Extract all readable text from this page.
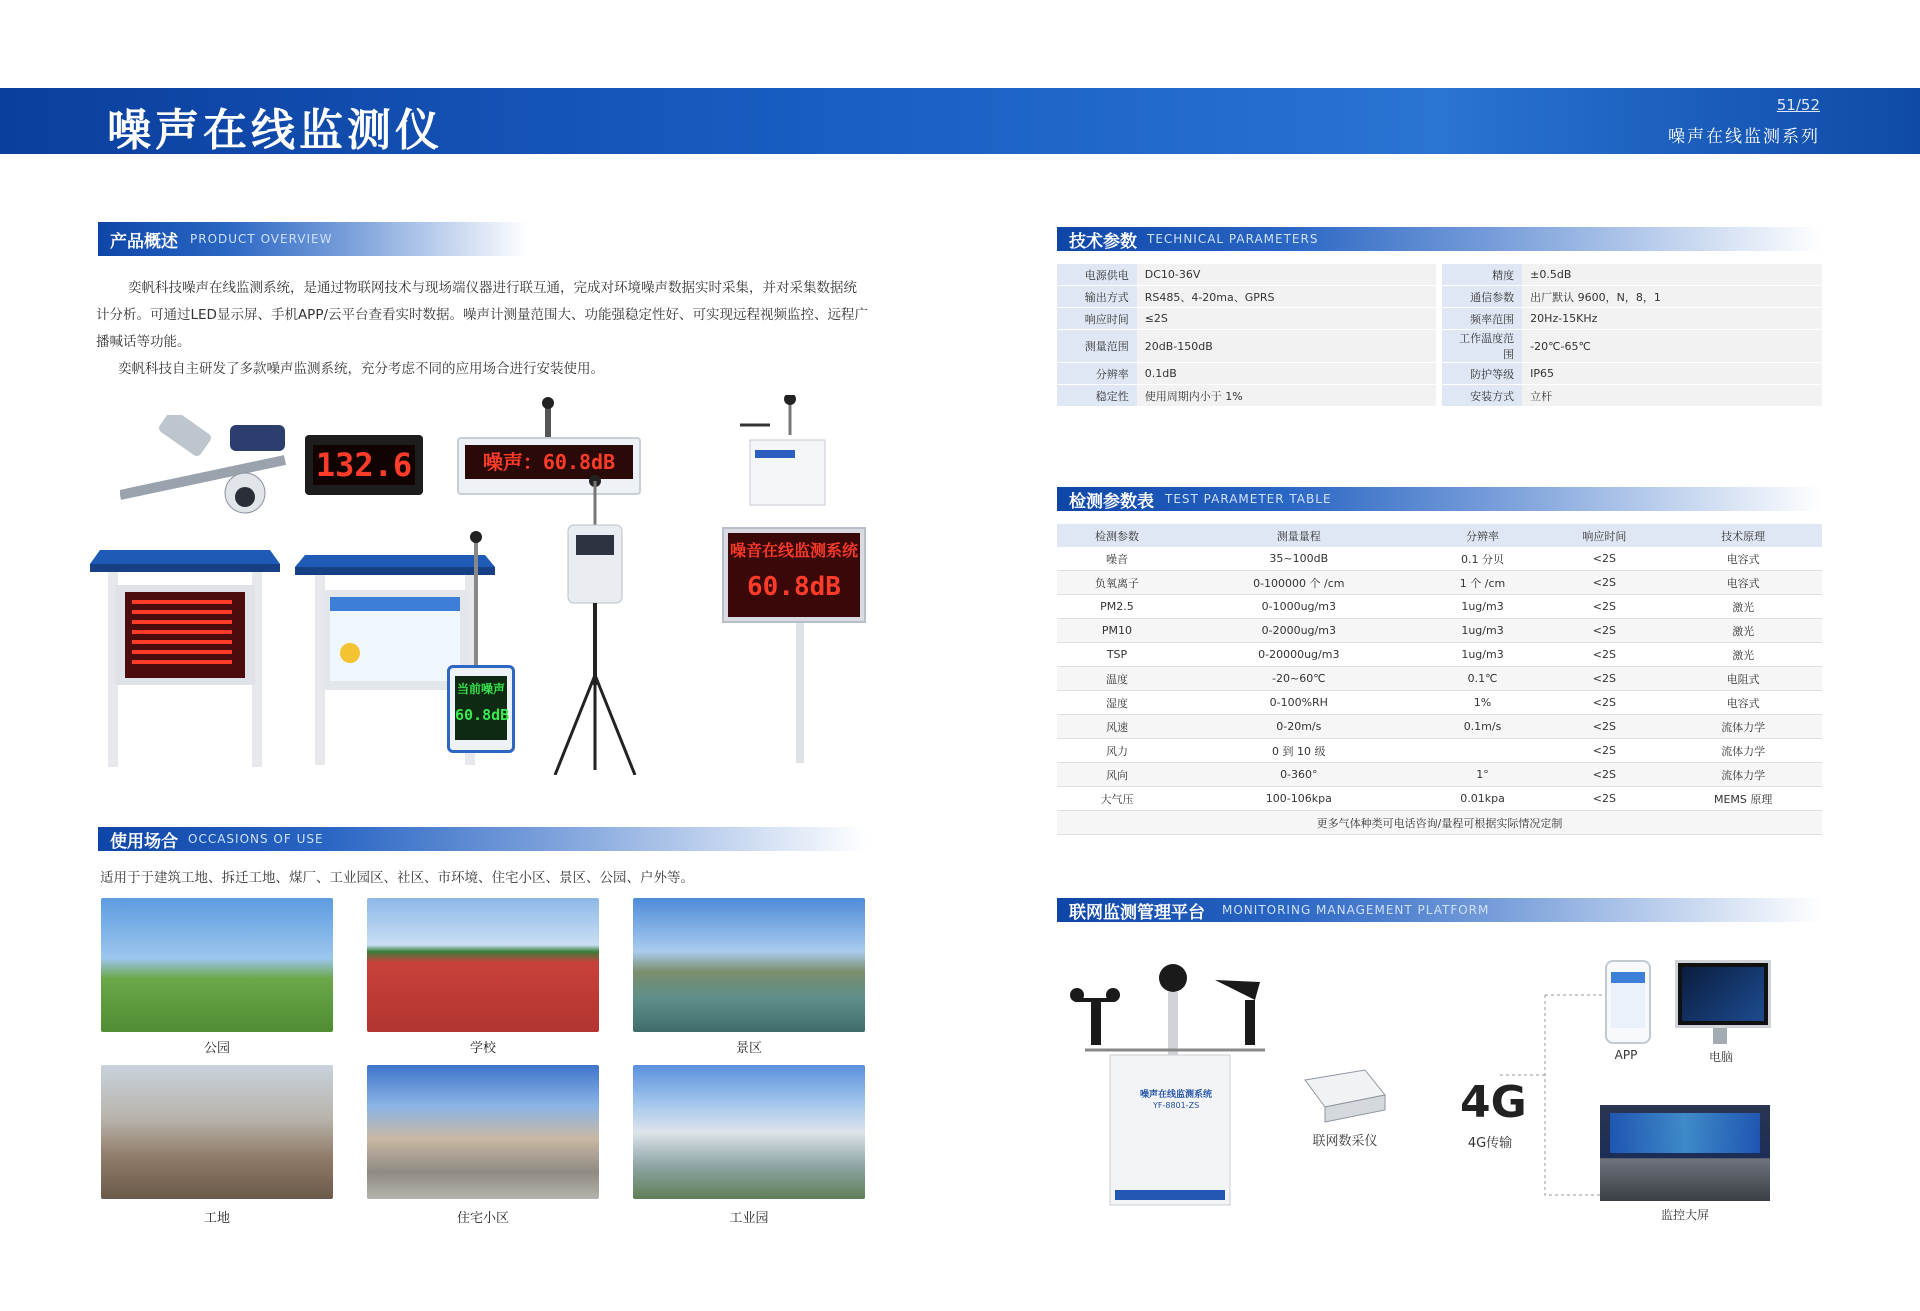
噪声在线监测仪	51/52
噪声在线监测系列
产品概述 PRODUCT OVERVIEW

奕帆科技噪声在线监测系统，是通过物联网技术与现场端仪器进行联互通，完成对环境噪声数据实时采集，并对采集数据统计分析。可通过LED显示屏、手机APP/云平台查看实时数据。噪声计测量范围大、功能强稳定性好、可实现远程视频监控、远程广播喊话等功能。

奕帆科技自主研发了多款噪声监测系统，充分考虑不同的应用场合进行安装使用。

132.6	噪声：60.8dB
当前噪声
60.8dB
噪音在线监测系统
60.8dB
使用场合 OCCASIONS OF USE
适用于于建筑工地、拆迁工地、煤厂、工业园区、社区、市环境、住宅小区、景区、公园、户外等。
公园	学校	景区
工地	住宅小区	工业园
技术参数 TECHNICAL PARAMETERS
电源供电	DC10-36V	精度	±0.5dB
输出方式	RS485、4-20ma、GPRS	通信参数	出厂默认 9600，N，8，1
响应时间	≤2S	频率范围	20Hz-15KHz
测量范围	20dB-150dB	工作温度范围	-20℃-65℃
分辨率	0.1dB	防护等级	IP65
稳定性	使用周期内小于 1%	安装方式	立杆
检测参数表 TEST PARAMETER TABLE
检测参数	测量量程	分辨率	响应时间	技术原理
噪音	35~100dB	0.1 分贝	<2S	电容式
负氧离子	0-100000 个 /cm	1 个 /cm	<2S	电容式
PM2.5	0-1000ug/m3	1ug/m3	<2S	激光
PM10	0-2000ug/m3	1ug/m3	<2S	激光
TSP	0-20000ug/m3	1ug/m3	<2S	激光
温度	-20~60℃	0.1℃	<2S	电阻式
湿度	0-100%RH	1%	<2S	电容式
风速	0-20m/s	0.1m/s	<2S	流体力学
风力	0 到 10 级		<2S	流体力学
风向	0-360°	1°	<2S	流体力学
大气压	100-106kpa	0.01kpa	<2S	MEMS 原理
更多气体种类可电话咨询/量程可根据实际情况定制				
联网监测管理平台 MONITORING MANAGEMENT PLATFORM
噪声在线监测系统
YF-8801-ZS
联网数采仪
4G
4G传输
APP	电脑
监控大屏
